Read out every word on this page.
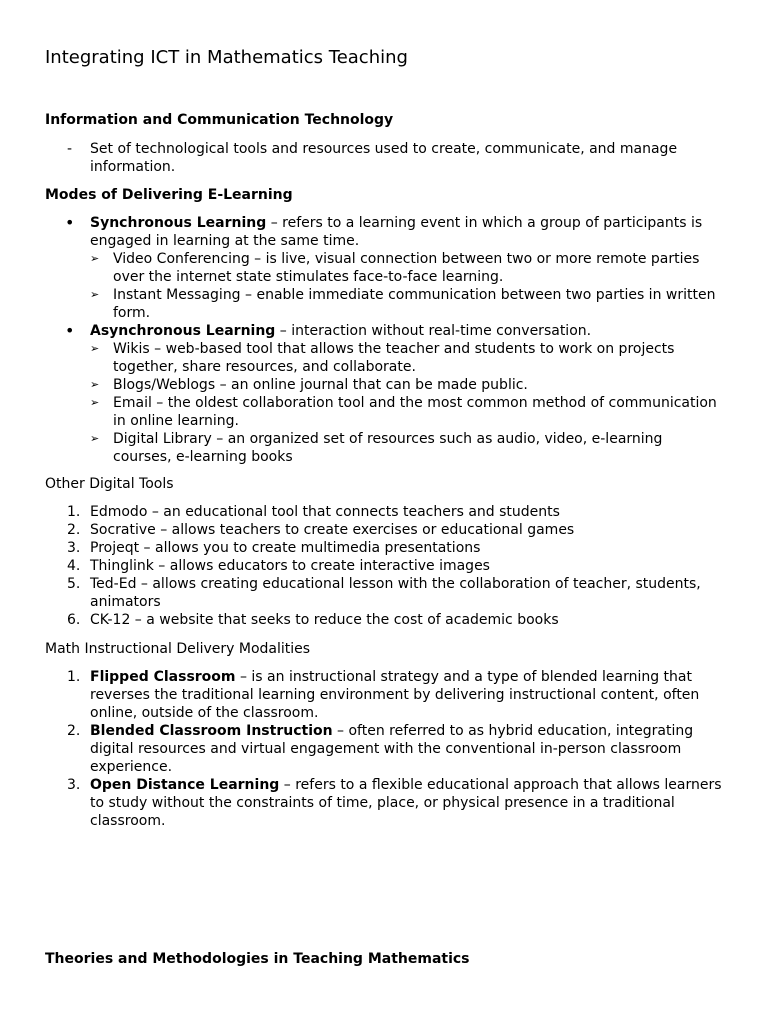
Integrating ICT in Mathematics Teaching
Information and Communication Technology
-	Set of technological tools and resources used to create, communicate, and manage information.
Modes of Delivering E-Learning
•	Synchronous Learning – refers to a learning event in which a group of participants is engaged in learning at the same time.
➢ Video Conferencing – is live, visual connection between two or more remote parties over the internet state stimulates face-to-face learning.
➢ Instant Messaging – enable immediate communication between two parties in written form.
•	Asynchronous Learning – interaction without real-time conversation.
➢ Wikis – web-based tool that allows the teacher and students to work on projects together, share resources, and collaborate.
➢ Blogs/Weblogs – an online journal that can be made public.
➢ Email – the oldest collaboration tool and the most common method of communication in online learning.
➢ Digital Library – an organized set of resources such as audio, video, e-learning courses, e-learning books
Other Digital Tools
1. Edmodo – an educational tool that connects teachers and students
2. Socrative – allows teachers to create exercises or educational games
3. Projeqt – allows you to create multimedia presentations
4. Thinglink – allows educators to create interactive images
5. Ted-Ed – allows creating educational lesson with the collaboration of teacher, students, animators
6. CK-12 – a website that seeks to reduce the cost of academic books
Math Instructional Delivery Modalities
1. Flipped Classroom – is an instructional strategy and a type of blended learning that reverses the traditional learning environment by delivering instructional content, often online, outside of the classroom.
2. Blended Classroom Instruction – often referred to as hybrid education, integrating digital resources and virtual engagement with the conventional in-person classroom experience.
3. Open Distance Learning – refers to a flexible educational approach that allows learners to study without the constraints of time, place, or physical presence in a traditional classroom.
Theories and Methodologies in Teaching Mathematics
